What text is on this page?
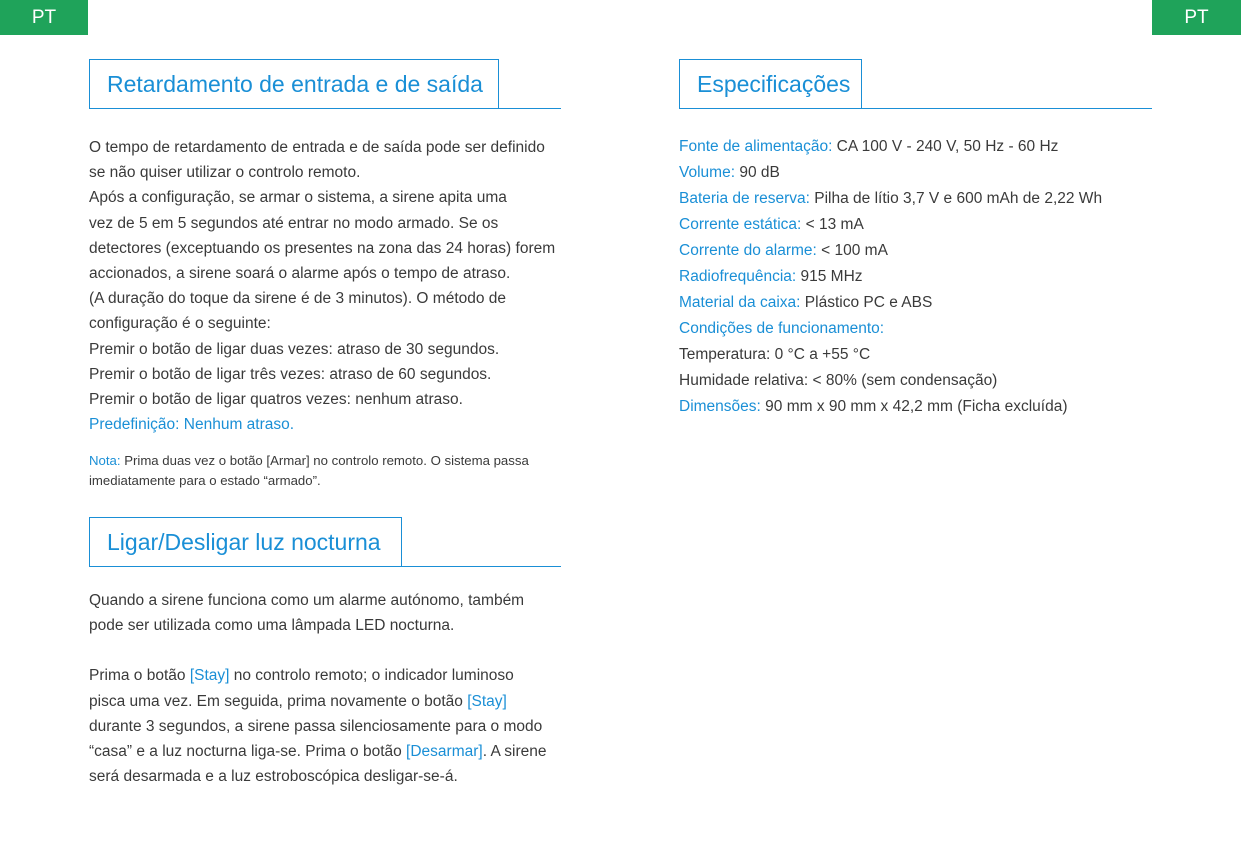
PT	PT
Retardamento de entrada e de saída

O tempo de retardamento de entrada e de saída pode ser definido

se não quiser utilizar o controlo remoto.

Após a configuração, se armar o sistema, a sirene apita uma

vez de 5 em 5 segundos até entrar no modo armado. Se os

detectores (exceptuando os presentes na zona das 24 horas) forem

accionados, a sirene soará o alarme após o tempo de atraso.

(A duração do toque da sirene é de 3 minutos). O método de

configuração é o seguinte:

Premir o botão de ligar duas vezes: atraso de 30 segundos.

Premir o botão de ligar três vezes: atraso de 60 segundos.

Premir o botão de ligar quatros vezes: nenhum atraso.

Predefinição: Nenhum atraso.

Nota: Prima duas vez o botão [Armar] no controlo remoto. O sistema passa
imediatamente para o estado “armado”.
Ligar/Desligar luz nocturna

Quando a sirene funciona como um alarme autónomo, também

pode ser utilizada como uma lâmpada LED nocturna.

Prima o botão [Stay] no controlo remoto; o indicador luminoso

pisca uma vez. Em seguida, prima novamente o botão [Stay]

durante 3 segundos, a sirene passa silenciosamente para o modo

“casa” e a luz nocturna liga-se. Prima o botão [Desarmar]. A sirene

será desarmada e a luz estroboscópica desligar-se-á.

Especificações
Fonte de alimentação: CA 100 V - 240 V, 50 Hz - 60 Hz
Volume: 90 dB
Bateria de reserva: Pilha de lítio 3,7 V e 600 mAh de 2,22 Wh
Corrente estática: < 13 mA
Corrente do alarme: < 100 mA
Radiofrequência: 915 MHz
Material da caixa: Plástico PC e ABS
Condições de funcionamento:
Temperatura: 0 °C a +55 °C
Humidade relativa: < 80% (sem condensação)
Dimensões: 90 mm x 90 mm x 42,2 mm (Ficha excluída)
